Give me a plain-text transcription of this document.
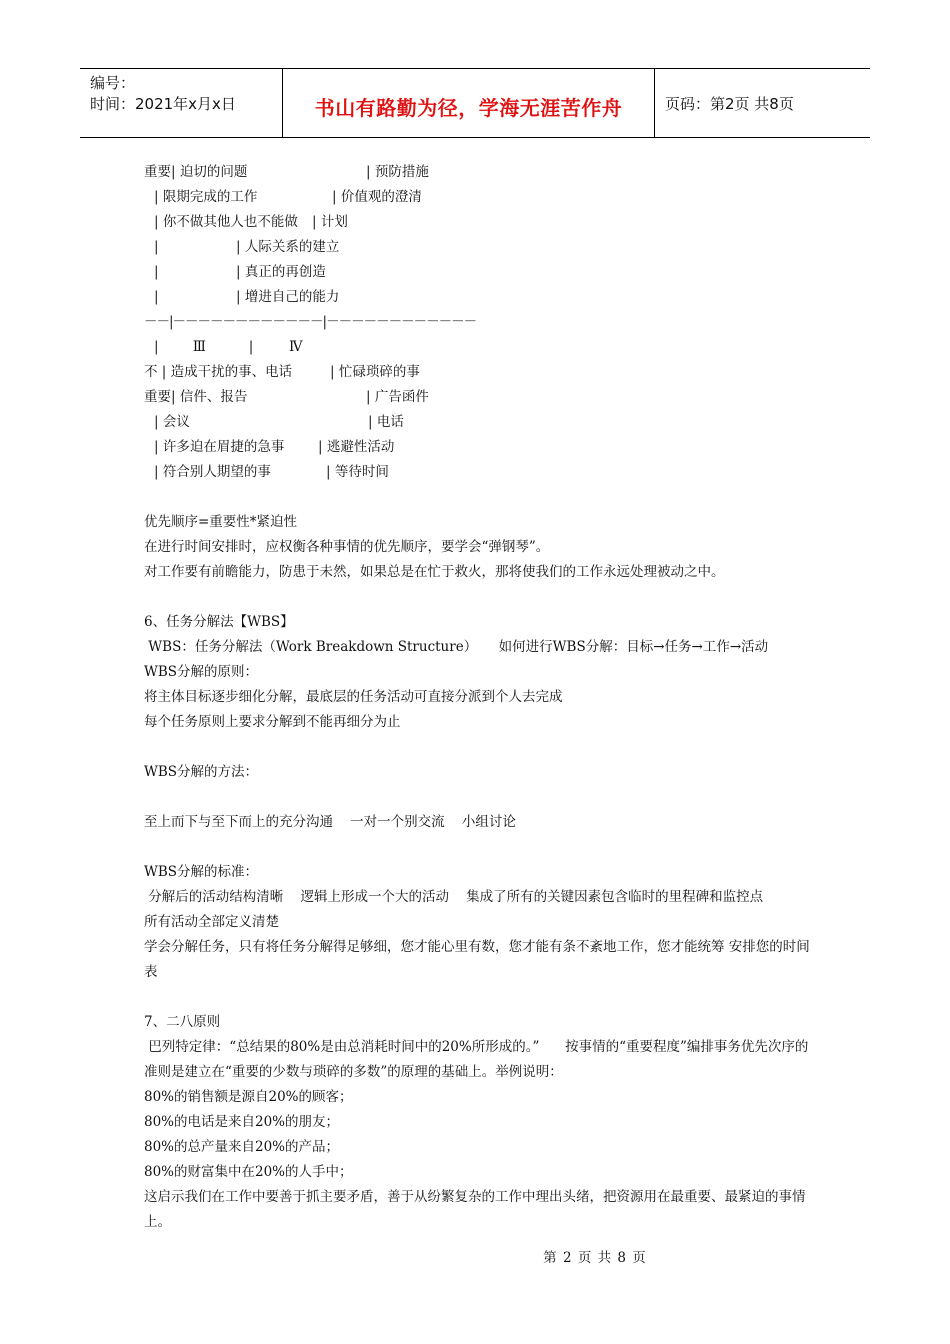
编号：
时间：2021年x月x日	书山有路勤为径，学海无涯苦作舟	页码：第2页 共8页
重要| 迫切的问题	| 预防措施
| 限期完成的工作	| 价值观的澄清
| 你不做其他人也不能做 | 计划
|	| 人际关系的建立
|	| 真正的再创造
|	| 增进自己的能力
－－|－－－－－－－－－－－－|－－－－－－－－－－－－
|        Ⅲ          |	Ⅳ
不 | 造成干扰的事、电话	| 忙碌琐碎的事
重要| 信件、报告	| 广告函件
| 会议	| 电话
| 许多迫在眉捷的急事 | 逃避性活动
| 符合别人期望的事	| 等待时间

优先顺序=重要性*紧迫性

在进行时间安排时，应权衡各种事情的优先顺序，要学会“弹钢琴”。

对工作要有前瞻能力，防患于未然，如果总是在忙于救火，那将使我们的工作永远处理被动之中。

6、任务分解法【WBS】

WBS：任务分解法（Work Breakdown Structure）     如何进行WBS分解：目标→任务→工作→活动

WBS分解的原则：

将主体目标逐步细化分解，最底层的任务活动可直接分派到个人去完成

每个任务原则上要求分解到不能再细分为止

WBS分解的方法：

至上而下与至下而上的充分沟通    一对一个别交流    小组讨论

WBS分解的标准：

分解后的活动结构清晰    逻辑上形成一个大的活动    集成了所有的关键因素包含临时的里程碑和监控点

所有活动全部定义清楚

学会分解任务，只有将任务分解得足够细，您才能心里有数，您才能有条不紊地工作，您才能统筹 安排您的时间表

7、二八原则

巴列特定律：“总结果的80%是由总消耗时间中的20%所形成的。”      按事情的“重要程度”编排事务优先次序的准则是建立在“重要的少数与琐碎的多数”的原理的基础上。举例说明：

80%的销售额是源自20%的顾客；

80%的电话是来自20%的朋友；

80%的总产量来自20%的产品；

80%的财富集中在20%的人手中；

这启示我们在工作中要善于抓主要矛盾，善于从纷繁复杂的工作中理出头绪，把资源用在最重要、最紧迫的事情上。

第 2 页 共 8 页
